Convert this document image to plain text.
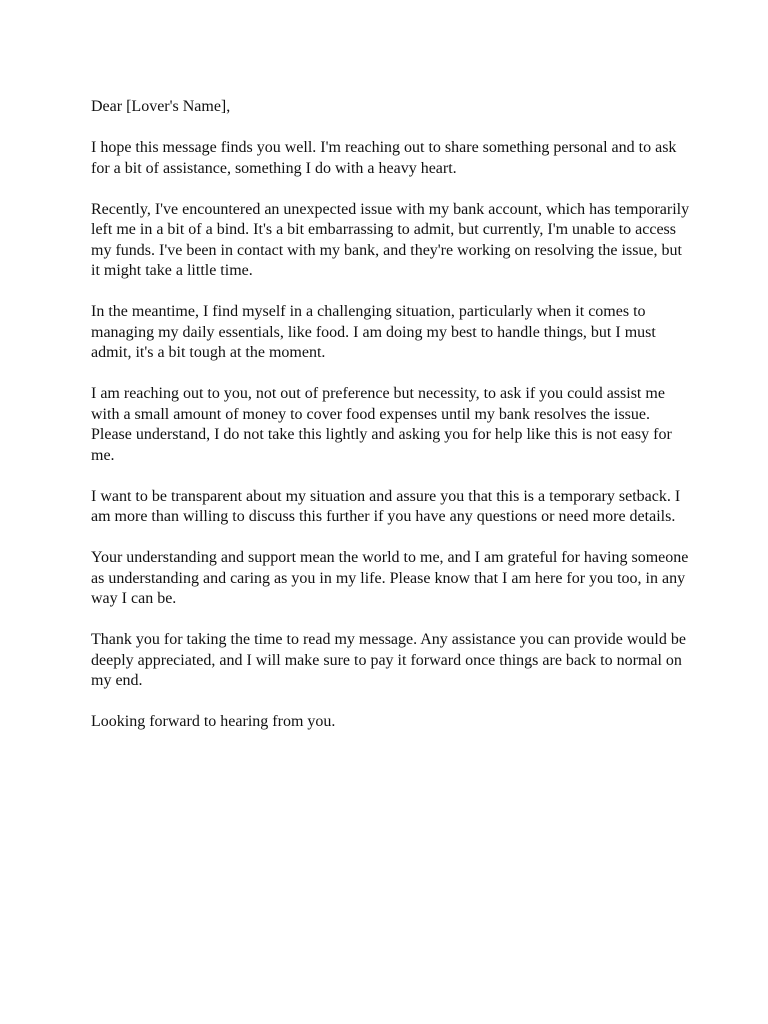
Dear [Lover's Name],

I hope this message finds you well. I'm reaching out to share something personal and to ask for a bit of assistance, something I do with a heavy heart.

Recently, I've encountered an unexpected issue with my bank account, which has temporarily left me in a bit of a bind. It's a bit embarrassing to admit, but currently, I'm unable to access my funds. I've been in contact with my bank, and they're working on resolving the issue, but it might take a little time.

In the meantime, I find myself in a challenging situation, particularly when it comes to managing my daily essentials, like food. I am doing my best to handle things, but I must admit, it's a bit tough at the moment.

I am reaching out to you, not out of preference but necessity, to ask if you could assist me with a small amount of money to cover food expenses until my bank resolves the issue. Please understand, I do not take this lightly and asking you for help like this is not easy for me.

I want to be transparent about my situation and assure you that this is a temporary setback. I am more than willing to discuss this further if you have any questions or need more details.

Your understanding and support mean the world to me, and I am grateful for having someone as understanding and caring as you in my life. Please know that I am here for you too, in any way I can be.

Thank you for taking the time to read my message. Any assistance you can provide would be deeply appreciated, and I will make sure to pay it forward once things are back to normal on my end.

Looking forward to hearing from you.
